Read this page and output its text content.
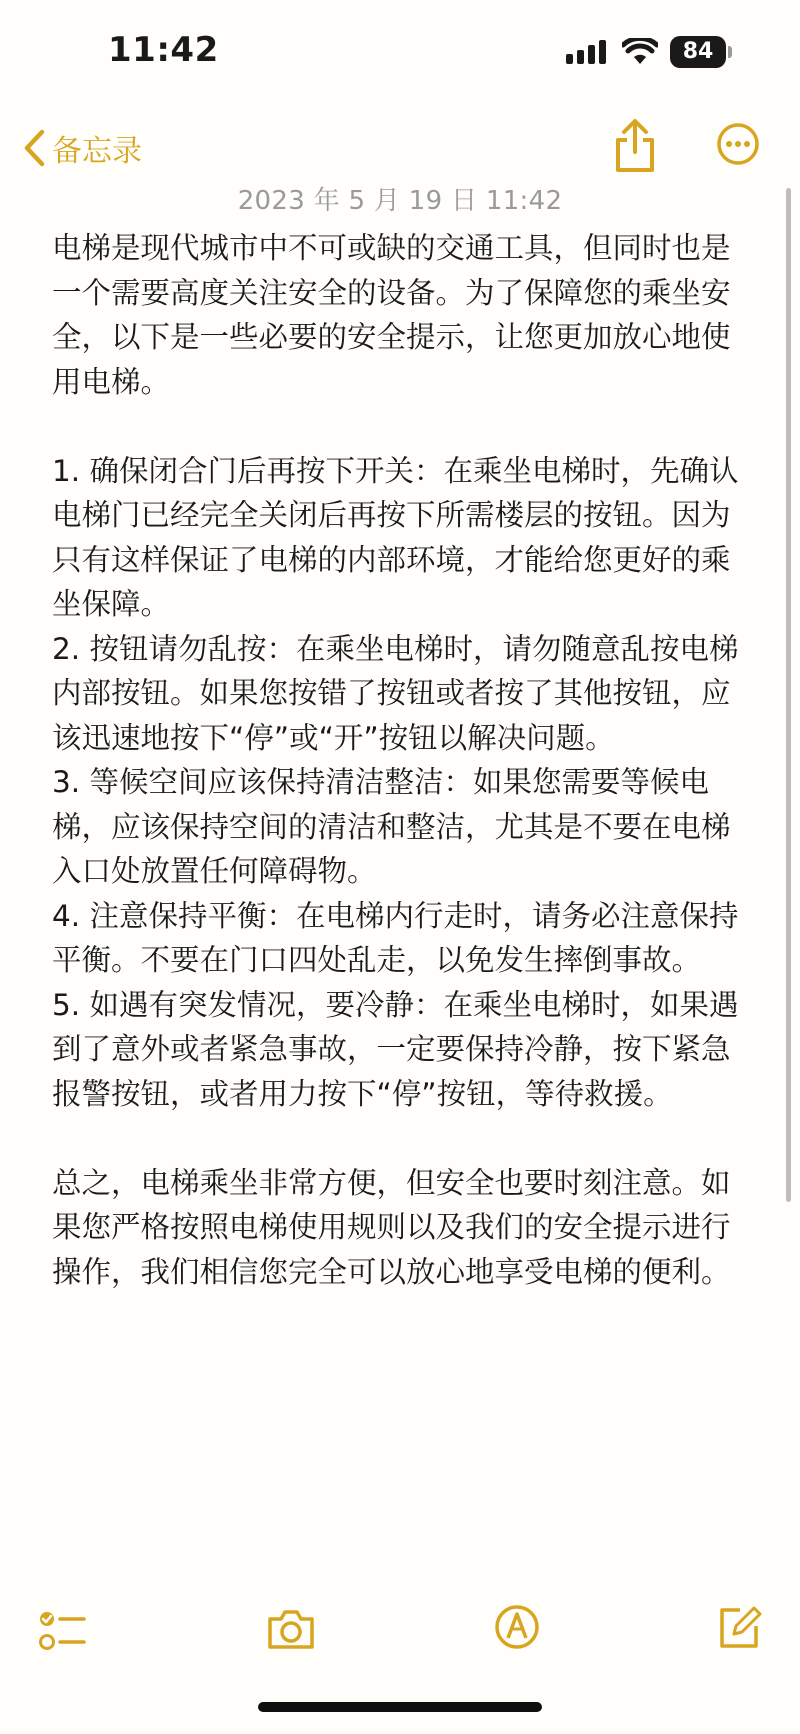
11:42	84
备忘录
2023 年 5 月 19 日 11:42

电梯是现代城市中不可或缺的交通工具，但同时也是一个需要高度关注安全的设备。为了保障您的乘坐安全，以下是一些必要的安全提示，让您更加放心地使用电梯。

1. 确保闭合门后再按下开关：在乘坐电梯时，先确认电梯门已经完全关闭后再按下所需楼层的按钮。因为只有这样保证了电梯的内部环境，才能给您更好的乘坐保障。

2. 按钮请勿乱按：在乘坐电梯时，请勿随意乱按电梯内部按钮。如果您按错了按钮或者按了其他按钮，应该迅速地按下“停”或“开”按钮以解决问题。

3. 等候空间应该保持清洁整洁：如果您需要等候电梯，应该保持空间的清洁和整洁，尤其是不要在电梯入口处放置任何障碍物。

4. 注意保持平衡：在电梯内行走时，请务必注意保持平衡。不要在门口四处乱走，以免发生摔倒事故。

5. 如遇有突发情况，要冷静：在乘坐电梯时，如果遇到了意外或者紧急事故，一定要保持冷静，按下紧急报警按钮，或者用力按下“停”按钮，等待救援。

总之，电梯乘坐非常方便，但安全也要时刻注意。如果您严格按照电梯使用规则以及我们的安全提示进行操作，我们相信您完全可以放心地享受电梯的便利。
